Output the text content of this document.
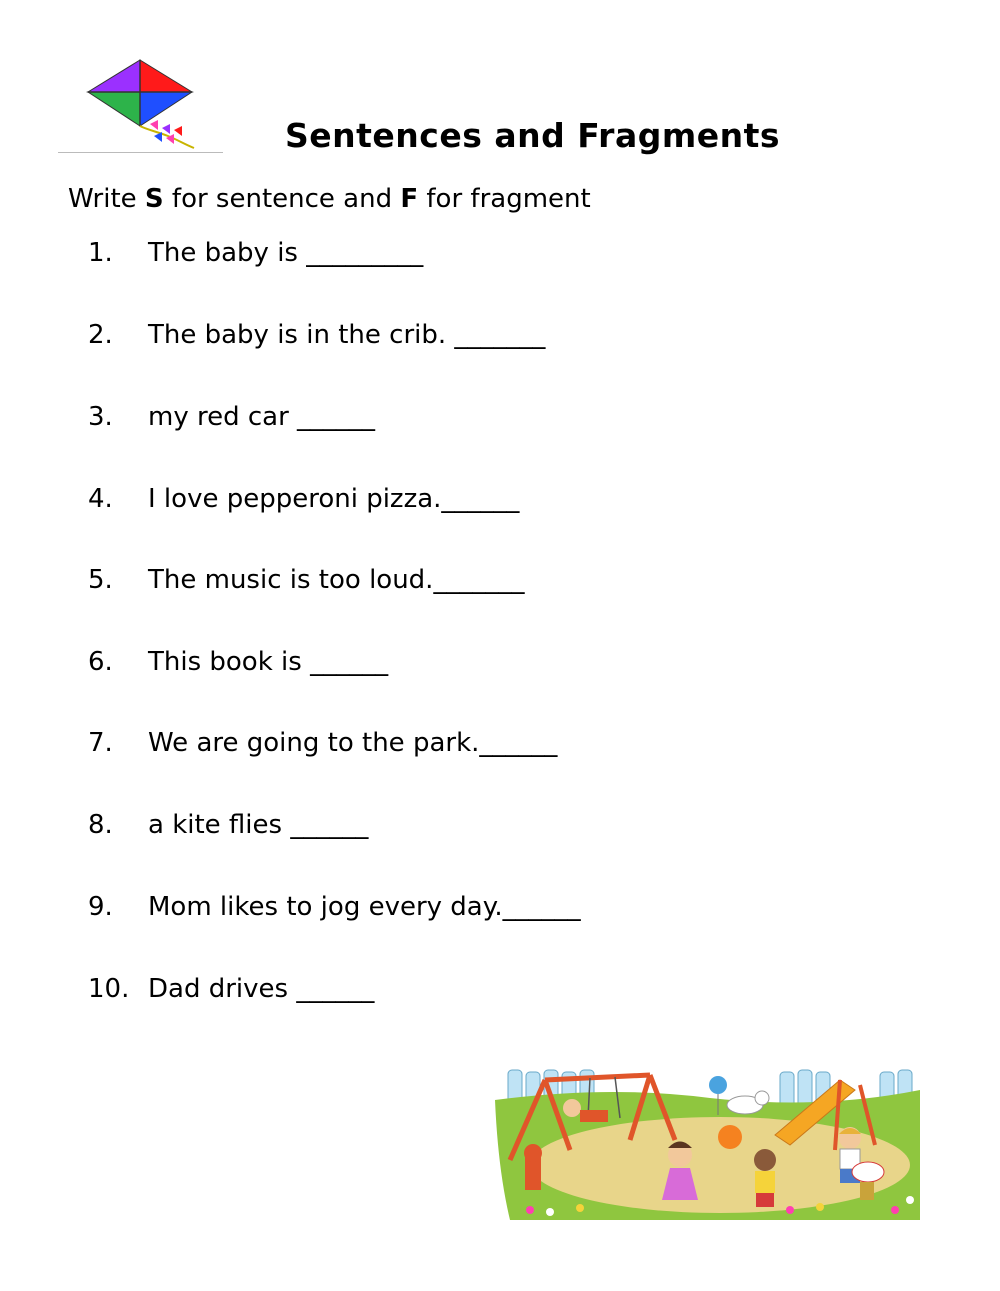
Sentences and Fragments
Write S for sentence and F for fragment
1. The baby is _________
2. The baby is in the crib. _______
3. my red car ______
4. I love pepperoni pizza.______
5. The music is too loud._______
6. This book is ______
7. We are going to the park.______
8. a kite flies ______
9. Mom likes to jog every day.______
10. Dad drives ______
